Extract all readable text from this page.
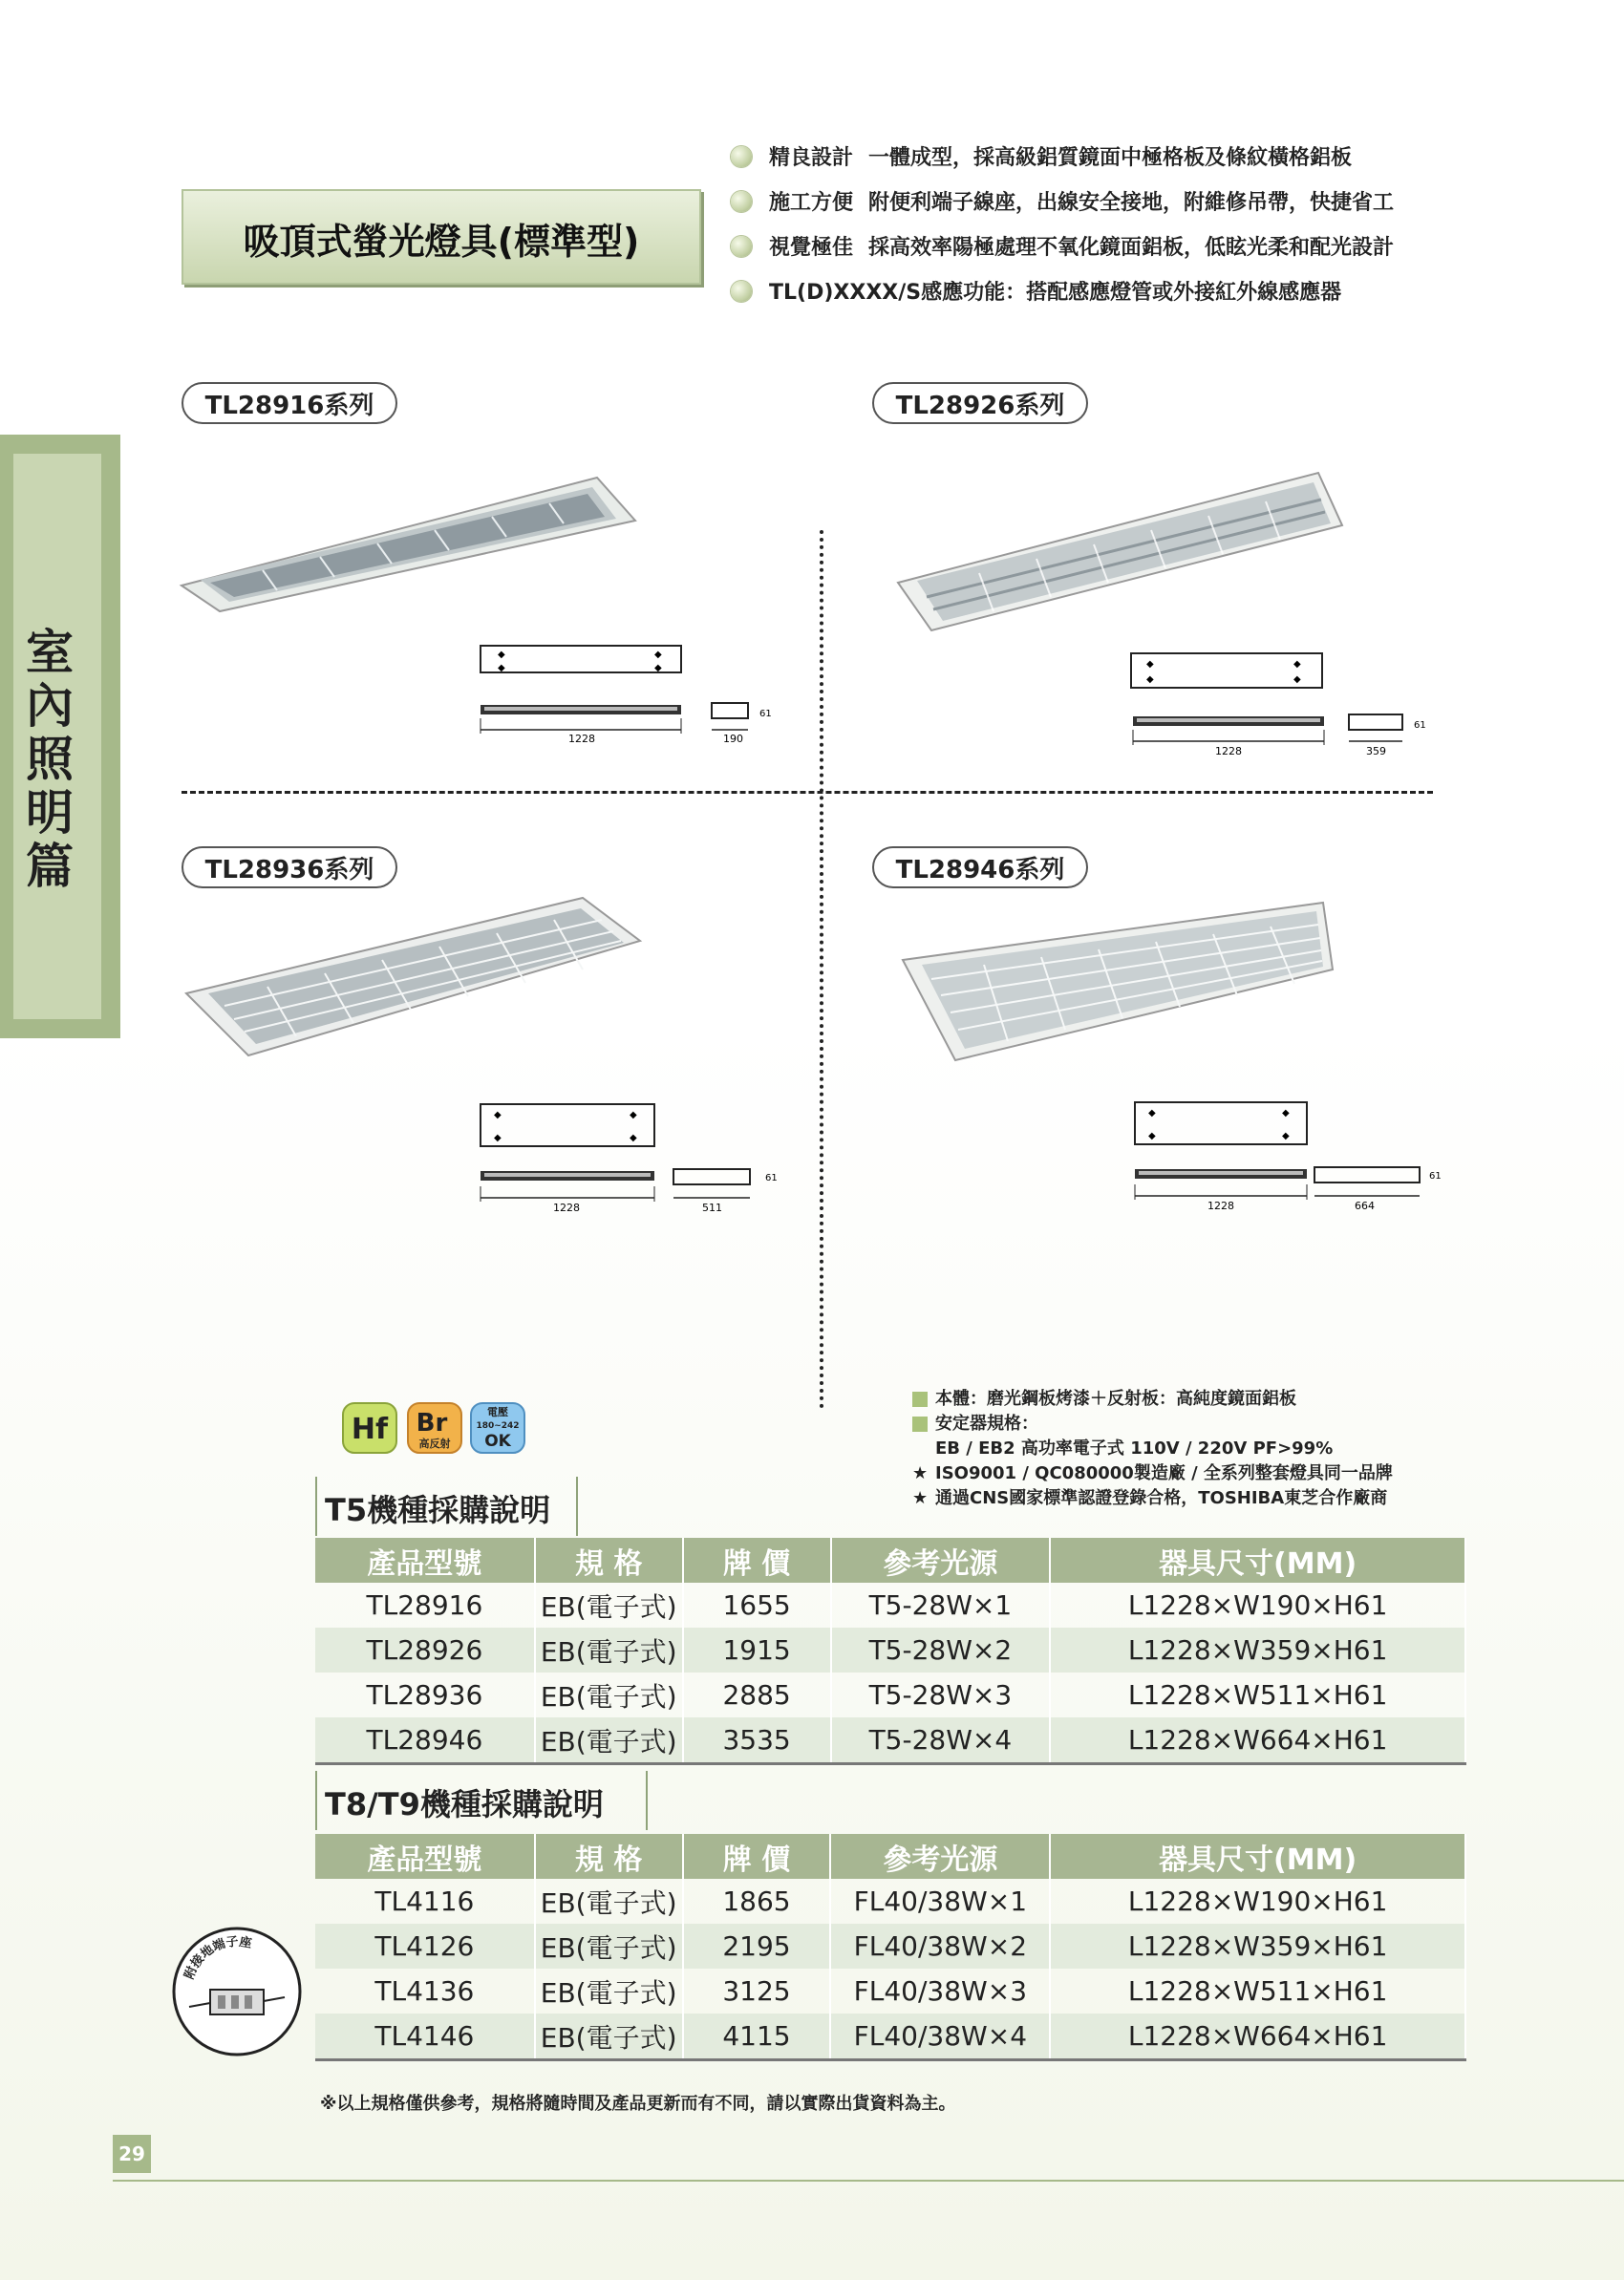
室
內
照
明
篇
吸頂式螢光燈具(標準型)
精良設計 一體成型，採高級鋁質鏡面中極格板及條紋橫格鋁板
施工方便 附便利端子線座，出線安全接地，附維修吊帶，快捷省工
視覺極佳 採高效率陽極處理不氧化鏡面鋁板，低眩光柔和配光設計
TL(D)XXXX/S感應功能：搭配感應燈管或外接紅外線感應器
TL28916系列	TL28926系列
TL28936系列	TL28946系列
◆
◆
◆
◆
1228	190
61
◆
◆
◆
◆
1228	359
61
◆
◆
◆
◆
1228	511
61
◆
◆
◆
◆
1228	664
61
Hf Br
高反射
電壓
180~242
OK
本體：磨光鋼板烤漆＋反射板：高純度鏡面鋁板
安定器規格：
EB / EB2 高功率電子式 110V / 220V PF>99%
★ ISO9001 / QC080000製造廠 / 全系列整套燈具同一品牌
★ 通過CNS國家標準認證登錄合格，TOSHIBA東芝合作廠商
T5機種採購說明
產品型號	規 格	牌 價	參考光源	器具尺寸(MM)
TL28916	EB(電子式)	1655	T5-28W×1	L1228×W190×H61
TL28926	EB(電子式)	1915	T5-28W×2	L1228×W359×H61
TL28936	EB(電子式)	2885	T5-28W×3	L1228×W511×H61
TL28946	EB(電子式)	3535	T5-28W×4	L1228×W664×H61
T8/T9機種採購說明
產品型號	規 格	牌 價	參考光源	器具尺寸(MM)
TL4116	EB(電子式)	1865	FL40/38W×1	L1228×W190×H61
TL4126	EB(電子式)	2195	FL40/38W×2	L1228×W359×H61
TL4136	EB(電子式)	3125	FL40/38W×3	L1228×W511×H61
TL4146	EB(電子式)	4115	FL40/38W×4	L1228×W664×H61
附接地端子座
※以上規格僅供參考，規格將隨時間及產品更新而有不同，請以實際出貨資料為主。
29
